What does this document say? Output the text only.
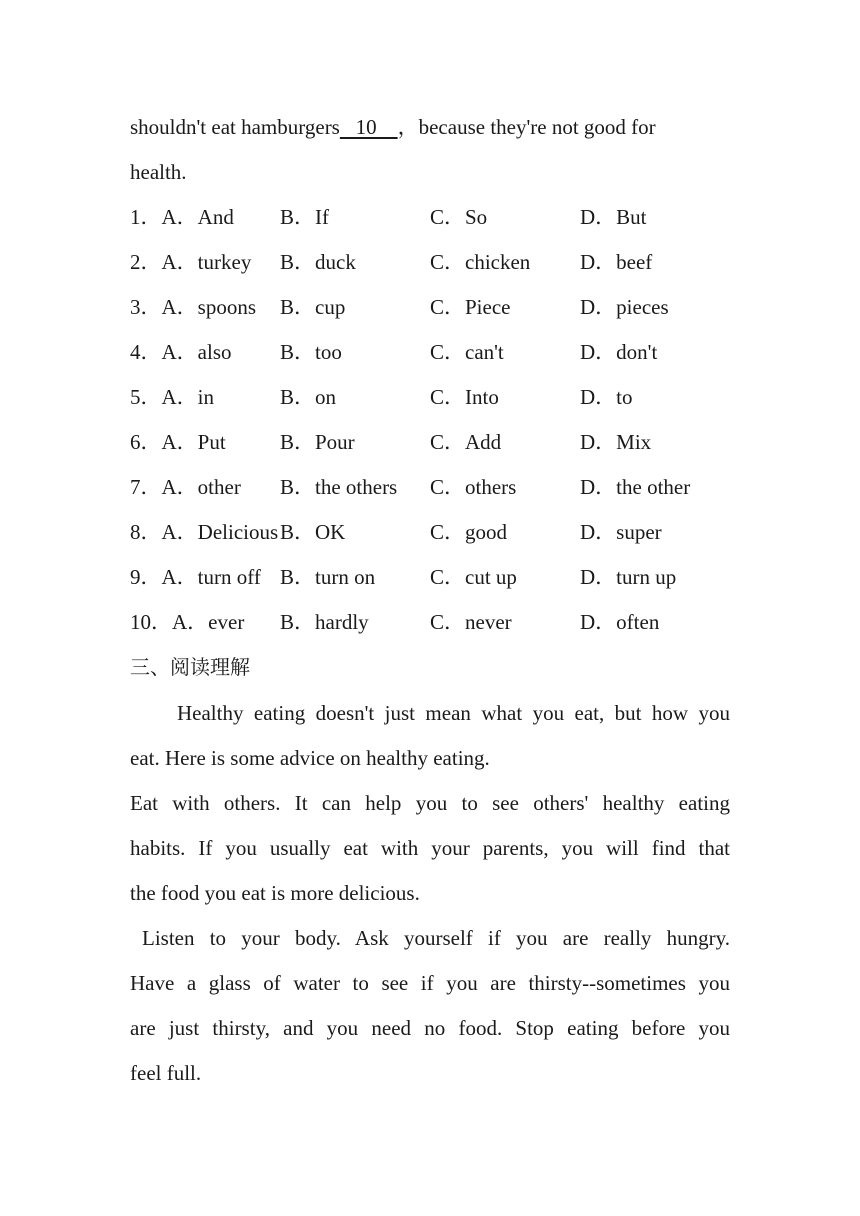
shouldn't eat hamburgers   10    ，because they're not good for
health.
1．A．And B．If	C．So	D．But
2．A．turkey B．duck	C．chicken D．beef
3．A．spoons B．cup	C．Piece	D．pieces
4．A．also B．too	C．can't	D．don't
5．A．in	B．on	C．Into	D．to
6．A．Put	B．Pour	C．Add	D．Mix
7．A．other B．the others C．others	D．the other
8．A．Delicious B．OK	C．good	D．super
9．A．turn off B．turn on	C．cut up	D．turn up
10．A．ever B．hardly	C．never	D．often
三、阅读理解
Healthy eating doesn't just mean what you eat, but how you
eat. Here is some advice on healthy eating.
Eat with others. It can help you to see others' healthy eating
habits. If you usually eat with your parents, you will find that
the food you eat is more delicious.
Listen to your body. Ask yourself if you are really hungry.
Have a glass of water to see if you are thirsty--sometimes you
are just thirsty, and you need no food. Stop eating before you
feel full.
